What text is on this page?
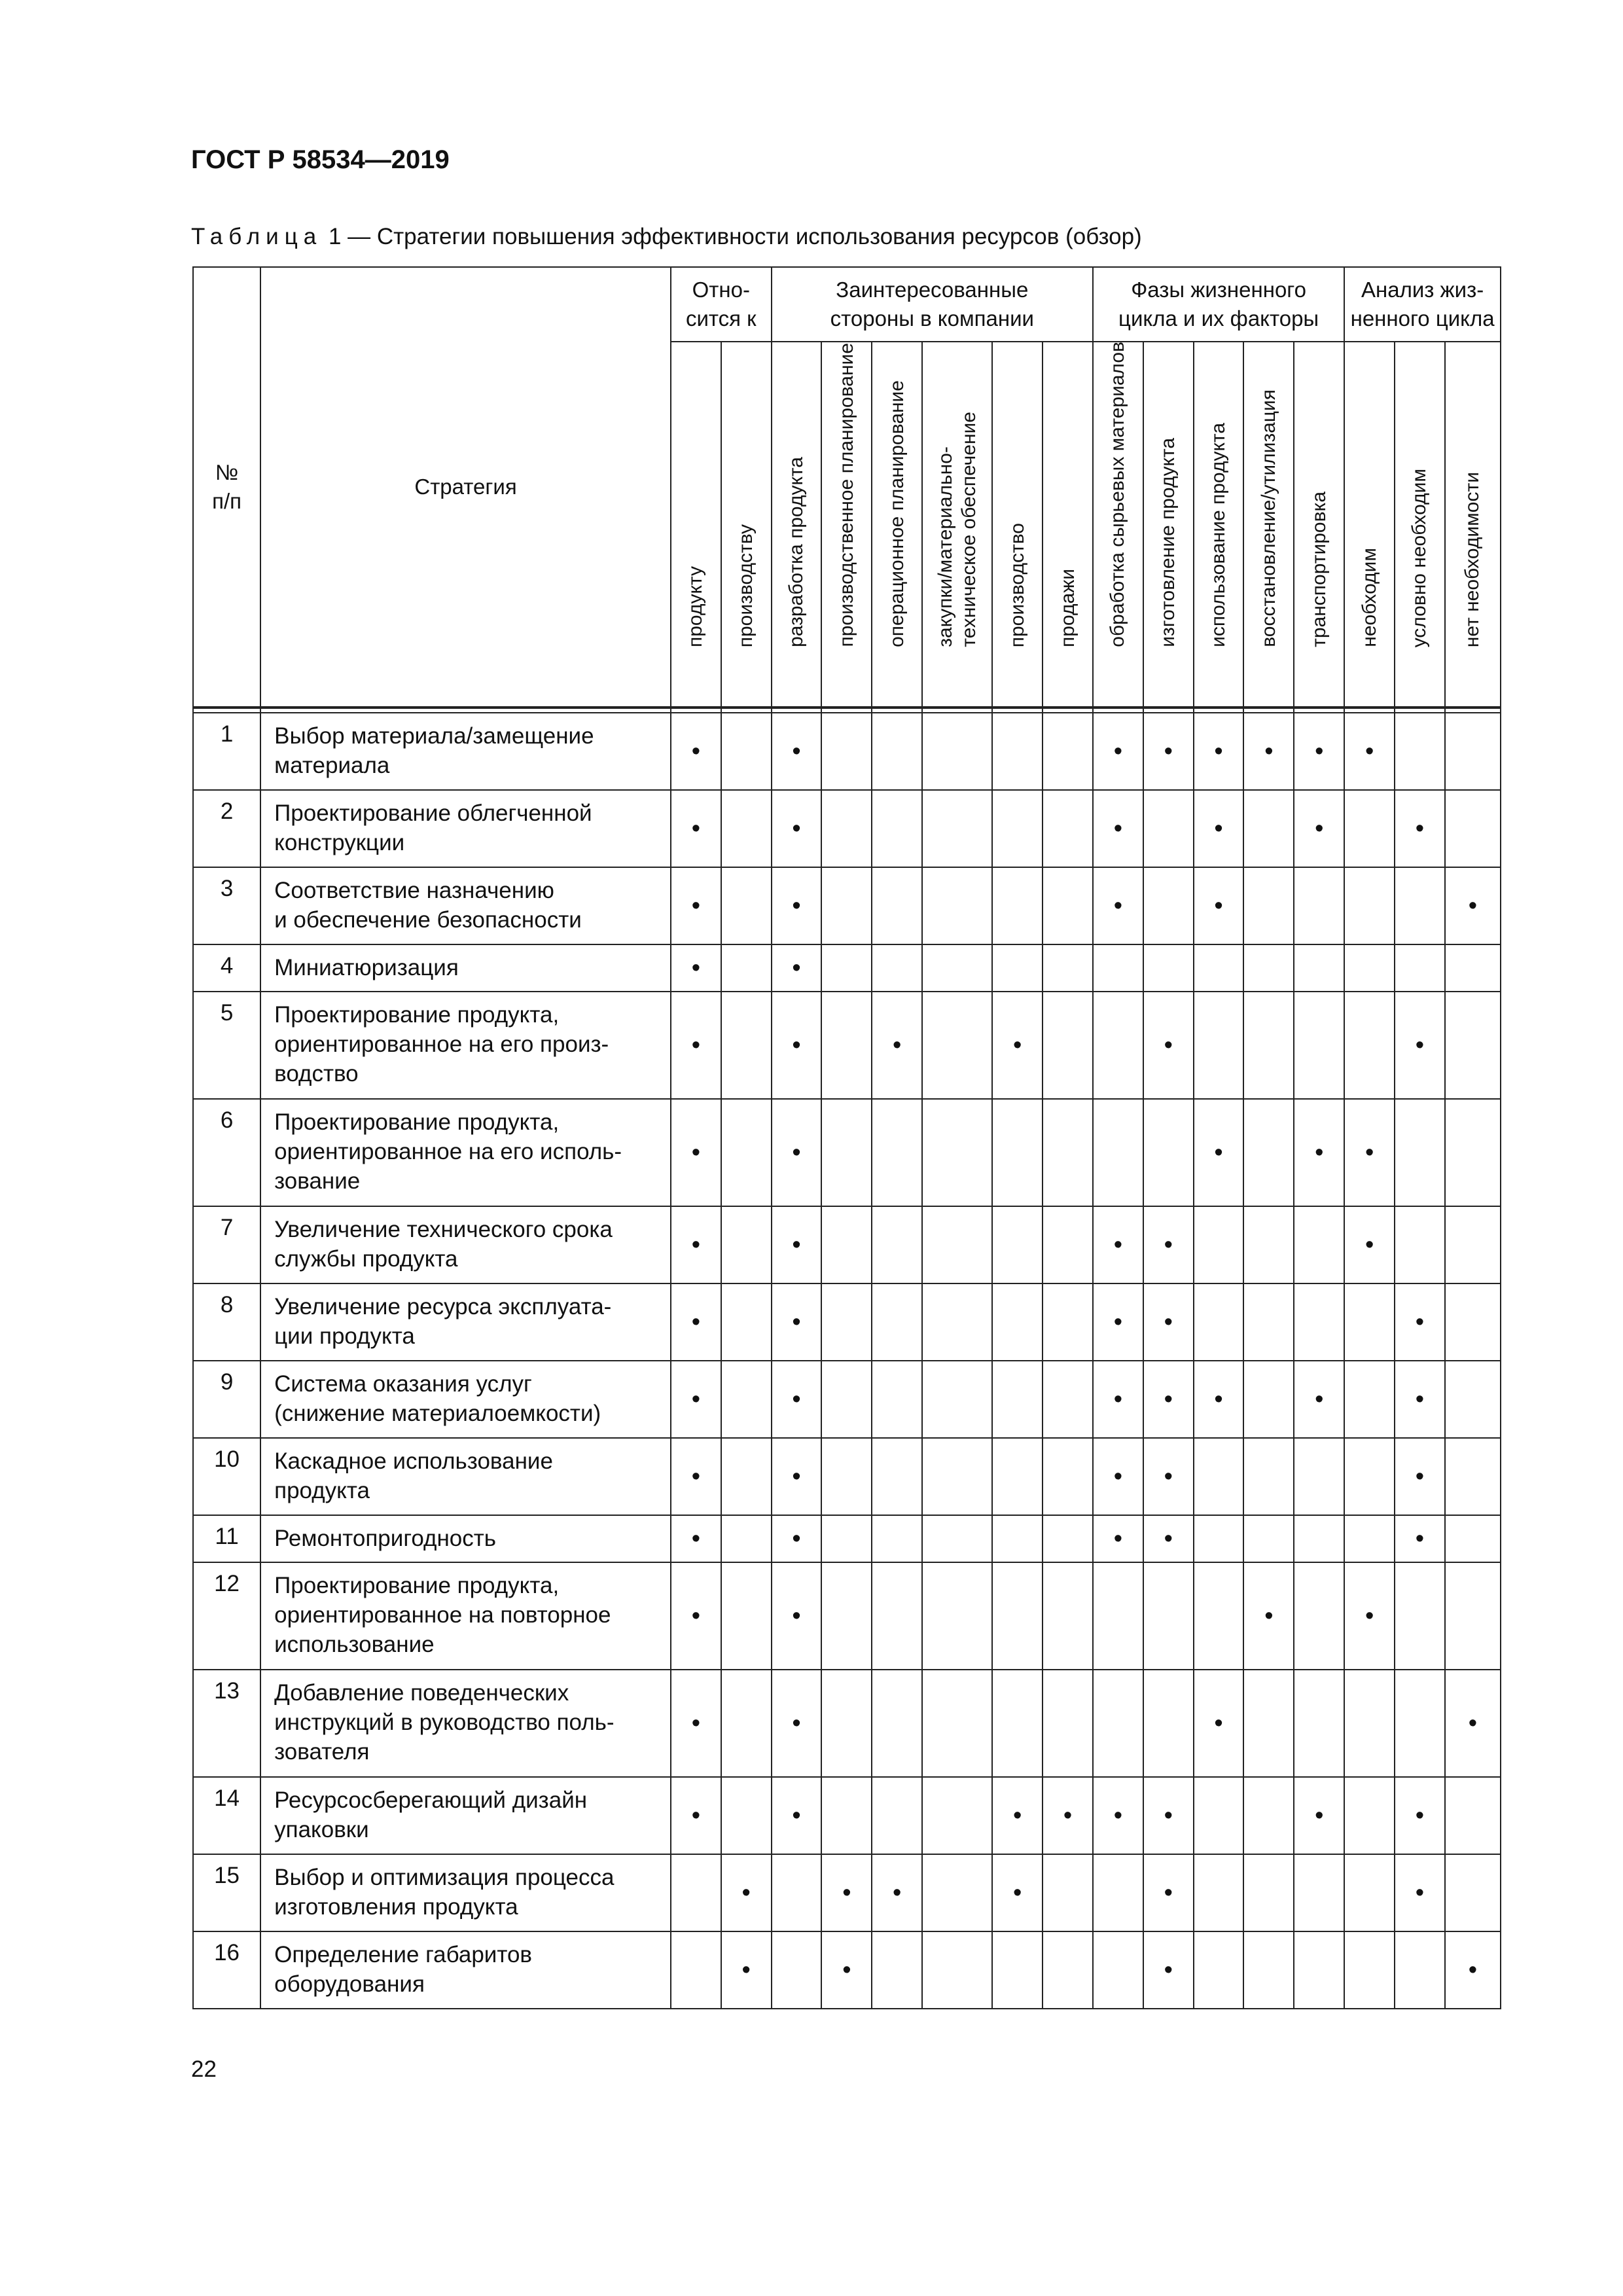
ГОСТ Р 58534—2019

Таблица 1 — Стратегии повышения эффективности использования ресурсов (обзор)

№ п/п	Стратегия	Отно-
сится к		Заинтересованные
стороны в компании						Фазы жизненного
цикла и их факторы					Анализ жиз-
ненного цикла		

		продукту	производству	разработка продукта	производственное планирование	операционное планирование	закупки/материально-
техническое обеспечение	производство	продажи	обработка сырьевых материалов	изготовление продукта	использование продукта	восстановление/утилизация	транспортировка	необходим	условно необходим	нет необходимости

1	Выбор материала/замещение
материала	•		•						•	•	•	•	•	•		
2	Проектирование облегченной
конструкции	•		•						•		•		•		•	
3	Соответствие назначению
и обеспечение безопасности	•		•						•		•					•
4	Миниатюризация	•		•													
5	Проектирование продукта,
ориентированное на его произ-
водство	•		•		•		•			•					•	
6	Проектирование продукта,
ориентированное на его исполь-
зование	•		•								•		•	•		
7	Увеличение технического срока
службы продукта	•		•						•	•				•		
8	Увеличение ресурса эксплуата-
ции продукта	•		•						•	•					•	
9	Система оказания услуг
(снижение материалоемкости)	•		•						•	•	•		•		•	
10	Каскадное использование
продукта	•		•						•	•					•	
11	Ремонтопригодность	•		•						•	•					•	
12	Проектирование продукта,
ориентированное на повторное
использование	•		•									•		•		
13	Добавление поведенческих
инструкций в руководство поль-
зователя	•		•								•					•
14	Ресурсосберегающий дизайн
упаковки	•		•				•	•	•	•			•		•	
15	Выбор и оптимизация процесса
изготовления продукта		•		•	•		•			•					•	
16	Определение габаритов
оборудования		•		•						•						•
22
